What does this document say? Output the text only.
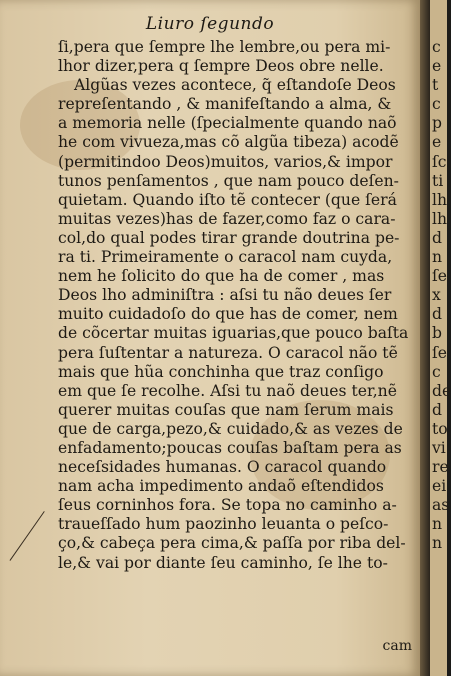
Liuro ſegundo
ſi,pera que ſempre lhe lembre,ou pera mi-
lhor dizer,pera q ſempre Deos obre nelle.
Algũas vezes acontece, q̃ eſtandoſe Deos
repreſentando , & manifeſtando a alma, &
a memoria nelle (ſpecialmente quando naõ
he com vivueza,mas cõ algũa tibeza) acodẽ
(permitindoo Deos)muitos, varios,& impor
tunos penſamentos , que nam pouco deſen-
quietam. Quando iſto tẽ contecer (que ſerá
muitas vezes)has de fazer,como faz o cara-
col,do qual podes tirar grande doutrina pe-
ra ti. Primeiramente o caracol nam cuyda,
nem he ſolicito do que ha de comer , mas
Deos lho adminiſtra : aſsi tu não deues ſer
muito cuidadoſo do que has de comer, nem
de cõcertar muitas iguarias,que pouco baſta
pera ſuſtentar a natureza. O caracol não tẽ
mais que hũa conchinha que traz conſigo
em que ſe recolhe. Aſsi tu naõ deues ter,nẽ
querer muitas couſas que nam ſerum mais
que de carga,pezo,& cuidado,& as vezes de
enfadamento;poucas couſas baſtam pera as
neceſsidades humanas. O caracol quando
nam acha impedimento andaõ eſtendidos
ſeus corninhos fora. Se topa no caminho a-
traueſſado hum paozinho leuanta o peſco-
ço,& cabeça pera cima,& paſſa por riba del-
le,& vai por diante ſeu caminho, ſe lhe to-
cam
c
e
t
c
p
e
ſc
ti
lh
lh
d
n
ſe
x
d
b
ſe
c
de
d
to
vi
re
ei
as
n
n
